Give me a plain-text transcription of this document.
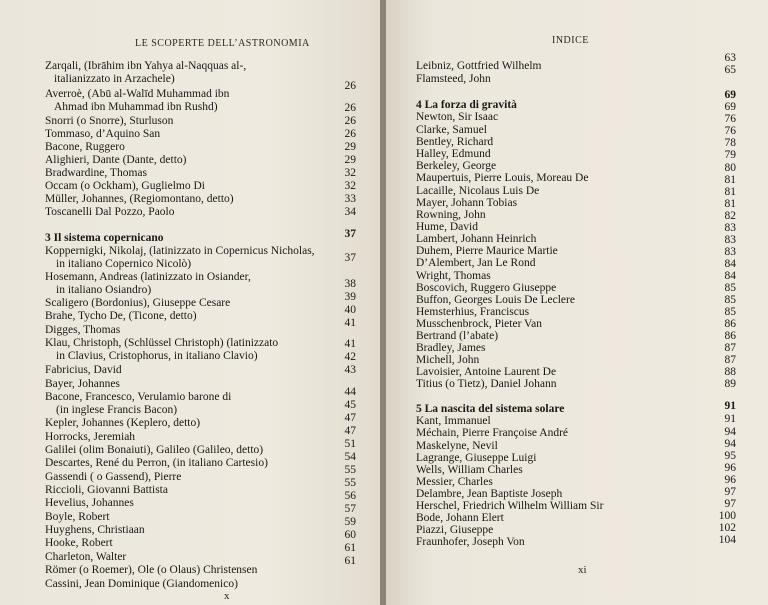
LE SCOPERTE DELL’ASTRONOMIA
Zarqali, (Ibrāhim ibn Yahya al-Naqquas al-,
italianizzato in Arzachele)
Averroè, (Abū al-Walīd Muhammad ibn
Ahmad ibn Muhammad ibn Rushd)
Snorri (o Snorre), Sturluson
Tommaso, d’Aquino San
Bacone, Ruggero
Alighieri, Dante (Dante, detto)
Bradwardine, Thomas
Occam (o Ockham), Guglielmo Di
Müller, Johannes, (Regiomontano, detto)
Toscanelli Dal Pozzo, Paolo
3 Il sistema copernicano
Koppernigki, Nikolaj, (latinizzato in Copernicus Nicholas,
in italiano Copernico Nicolò)
Hosemann, Andreas (latinizzato in Osiander,
in italiano Osiandro)
Scaligero (Bordonius), Giuseppe Cesare
Brahe, Tycho De, (Ticone, detto)
Digges, Thomas
Klau, Christoph, (Schlüssel Christoph) (latinizzato
in Clavius, Cristophorus, in italiano Clavio)
Fabricius, David
Bayer, Johannes
Bacone, Francesco, Verulamio barone di
(in inglese Francis Bacon)
Kepler, Johannes (Keplero, detto)
Horrocks, Jeremiah
Galilei (olim Bonaiuti), Galileo (Galileo, detto)
Descartes, René du Perron, (in italiano Cartesio)
Gassendi ( o Gassend), Pierre
Riccioli, Giovanni Battista
Hevelius, Johannes
Boyle, Robert
Huyghens, Christiaan
Hooke, Robert
Charleton, Walter
Römer (o Roemer), Ole (o Olaus) Christensen
Cassini, Jean Dominique (Giandomenico)
26
26
26
26
29
29
32
32
33
34
37
37
38
39
40
41
41
42
43
44
45
47
47
51
54
55
55
56
57
59
60
61
61
x
INDICE
Leibniz, Gottfried Wilhelm
Flamsteed, John
4 La forza di gravità
Newton, Sir Isaac
Clarke, Samuel
Bentley, Richard
Halley, Edmund
Berkeley, George
Maupertuis, Pierre Louis, Moreau De
Lacaille, Nicolaus Luis De
Mayer, Johann Tobias
Rowning, John
Hume, David
Lambert, Johann Heinrich
Duhem, Pierre Maurice Martie
D’Alembert, Jan Le Rond
Wright, Thomas
Boscovich, Ruggero Giuseppe
Buffon, Georges Louis De Leclere
Hemsterhius, Franciscus
Musschenbrock, Pieter Van
Bertrand (l’abate)
Bradley, James
Michell, John
Lavoisier, Antoine Laurent De
Titius (o Tietz), Daniel Johann
5 La nascita del sistema solare
Kant, Immanuel
Méchain, Pierre Françoise André
Maskelyne, Nevil
Lagrange, Giuseppe Luigi
Wells, William Charles
Messier, Charles
Delambre, Jean Baptiste Joseph
Herschel, Friedrich Wilhelm William Sir
Bode, Johann Elert
Piazzi, Giuseppe
Fraunhofer, Joseph Von
63
65
69
69
76
76
78
79
80
81
81
81
82
83
83
83
84
84
85
85
85
86
86
87
87
88
89
91
91
94
94
95
96
96
97
97
100
102
104
xi
